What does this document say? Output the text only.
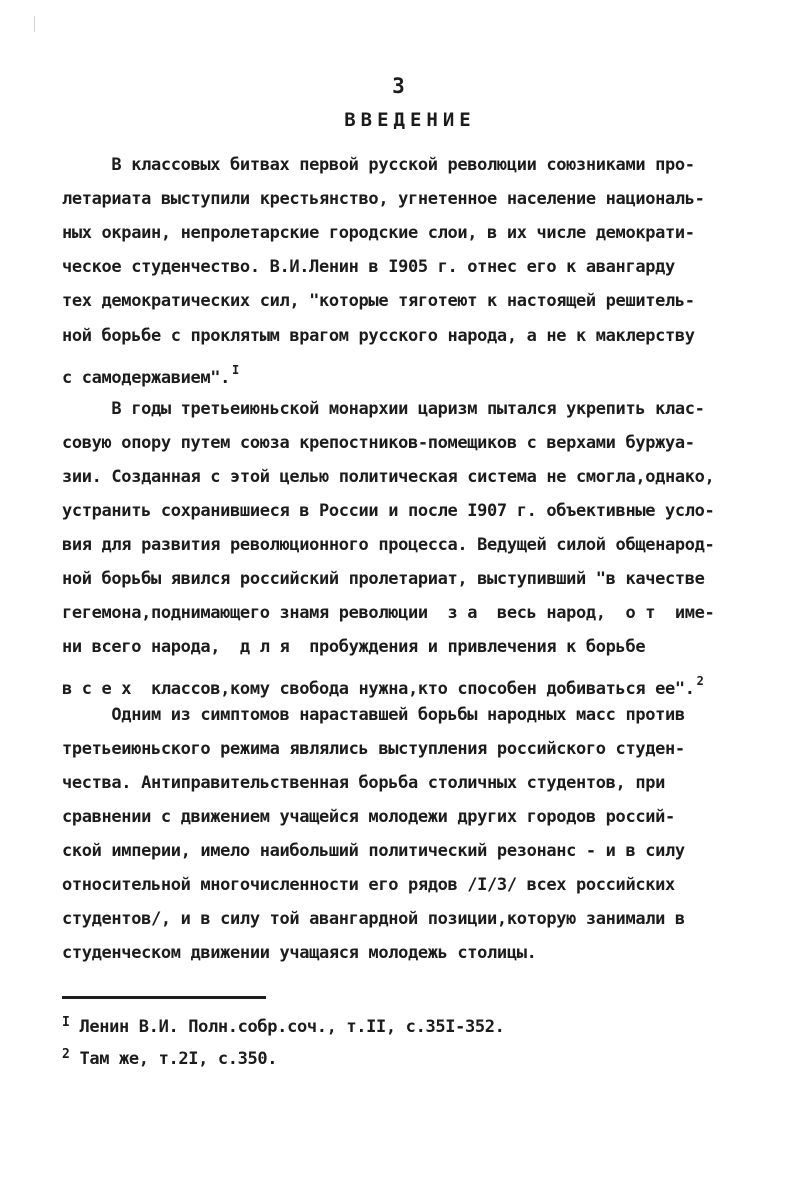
3
ВВЕДЕНИЕ
В классовых битвах первой русской революции союзниками про-
летариата выступили крестьянство, угнетенное население националь-
ных окраин, непролетарские городские слои, в их числе демократи-
ческое студенчество. В.И.Ленин в I905 г. отнес его к авангарду
тех демократических сил, "которые тяготеют к настоящей решитель-
ной борьбе с проклятым врагом русского народа, а не к маклерству
с самодержавием". $^I$
В годы третьеиюньской монархии царизм пытался укрепить клас-
совую опору путем союза крепостников-помещиков с верхами буржуа-
зии. Созданная с этой целью политическая система не смогла,однако,
устранить сохранившиеся в России и после I907 г. объективные усло-
вия для развития революционного процесса. Ведущей силой общенарод-
ной борьбы явился российский пролетариат, выступивший "в качестве
гегемона,поднимающего знамя революции  з а  весь народ,  о т  име-
ни всего народа,  д л я  пробуждения и привлечения к борьбе
в с е х  классов,кому свобода нужна,кто способен добиваться ее". $^2$
Одним из симптомов нараставшей борьбы народных масс против
третьеиюньского режима являлись выступления российского студен-
чества. Антиправительственная борьба столичных студентов, при
сравнении с движением учащейся молодежи других городов россий-
ской империи, имело наибольший политический резонанс - и в силу
относительной многочисленности его рядов /I/3/ всех российских
студентов/, и в силу той авангардной позиции,которую занимали в
студенческом движении учащаяся молодежь столицы.
$^I$ Ленин В.И. Полн.собр.соч., т.II, с.35I-352.
$^2$ Там же, т.2I, с.350.
